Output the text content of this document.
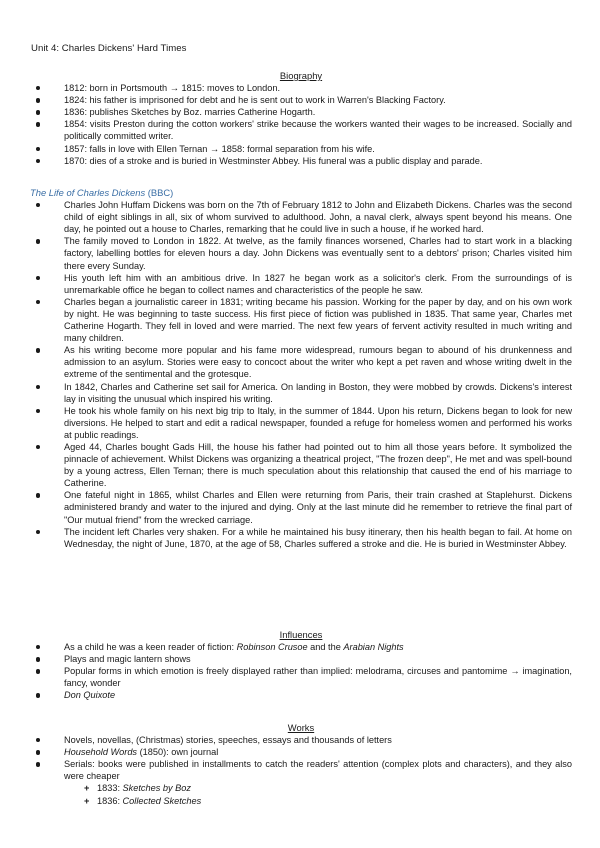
Unit 4: Charles Dickens' Hard Times

Biography

1812: born in Portsmouth → 1815: moves to London.
1824: his father is imprisoned for debt and he is sent out to work in Warren's Blacking Factory.
1836: publishes Sketches by Boz. marries Catherine Hogarth.
1854: visits Preston during the cotton workers' strike because the workers wanted their wages to be increased. Socially and politically committed writer.
1857: falls in love with Ellen Ternan → 1858: formal separation from his wife.
1870: dies of a stroke and is buried in Westminster Abbey. His funeral was a public display and parade.

The Life of Charles Dickens (BBC)

Charles John Huffam Dickens was born on the 7th of February 1812 to John and Elizabeth Dickens. Charles was the second child of eight siblings in all, six of whom survived to adulthood. John, a naval clerk, always spent beyond his means. One day, he pointed out a house to Charles, remarking that he could live in such a house, if he worked hard.
The family moved to London in 1822. At twelve, as the family finances worsened, Charles had to start work in a blacking factory, labelling bottles for eleven hours a day. John Dickens was eventually sent to a debtors' prison; Charles visited him there every Sunday.
His youth left him with an ambitious drive. In 1827 he began work as a solicitor's clerk. From the surroundings of is unremarkable office he began to collect names and characteristics of the people he saw.
Charles began a journalistic career in 1831; writing became his passion. Working for the paper by day, and on his own work by night. He was beginning to taste success. His first piece of fiction was published in 1835. That same year, Charles met Catherine Hogarth. They fell in loved and were married. The next few years of fervent activity resulted in much writing and many children.
As his writing become more popular and his fame more widespread, rumours began to abound of his drunkenness and admission to an asylum. Stories were easy to concoct about the writer who kept a pet raven and whose writing dwelt in the extreme of the sentimental and the grotesque.
In 1842, Charles and Catherine set sail for America. On landing in Boston, they were mobbed by crowds. Dickens's interest lay in visiting the unusual which inspired his writing.
He took his whole family on his next big trip to Italy, in the summer of 1844. Upon his return, Dickens began to look for new diversions. He helped to start and edit a radical newspaper, founded a refuge for homeless women and performed his works at public readings.
Aged 44, Charles bought Gads Hill, the house his father had pointed out to him all those years before. It symbolized the pinnacle of achievement. Whilst Dickens was organizing a theatrical project, "The frozen deep", He met and was spell-bound by a young actress, Ellen Ternan; there is much speculation about this relationship that caused the end of his marriage to Catherine.
One fateful night in 1865, whilst Charles and Ellen were returning from Paris, their train crashed at Staplehurst. Dickens administered brandy and water to the injured and dying. Only at the last minute did he remember to retrieve the final part of "Our mutual friend" from the wrecked carriage.
The incident left Charles very shaken. For a while he maintained his busy itinerary, then his health began to fail. At home on Wednesday, the night of June, 1870, at the age of 58, Charles suffered a stroke and die. He is buried in Westminster Abbey.

Influences

As a child he was a keen reader of fiction: Robinson Crusoe and the Arabian Nights
Plays and magic lantern shows
Popular forms in which emotion is freely displayed rather than implied: melodrama, circuses and pantomime → imagination, fancy, wonder
Don Quixote

Works

Novels, novellas, (Christmas) stories, speeches, essays and thousands of letters
Household Words (1850): own journal
Serials: books were published in installments to catch the readers' attention (complex plots and characters), and they also were cheaper
+ 1833: Sketches by Boz
+ 1836: Collected Sketches
